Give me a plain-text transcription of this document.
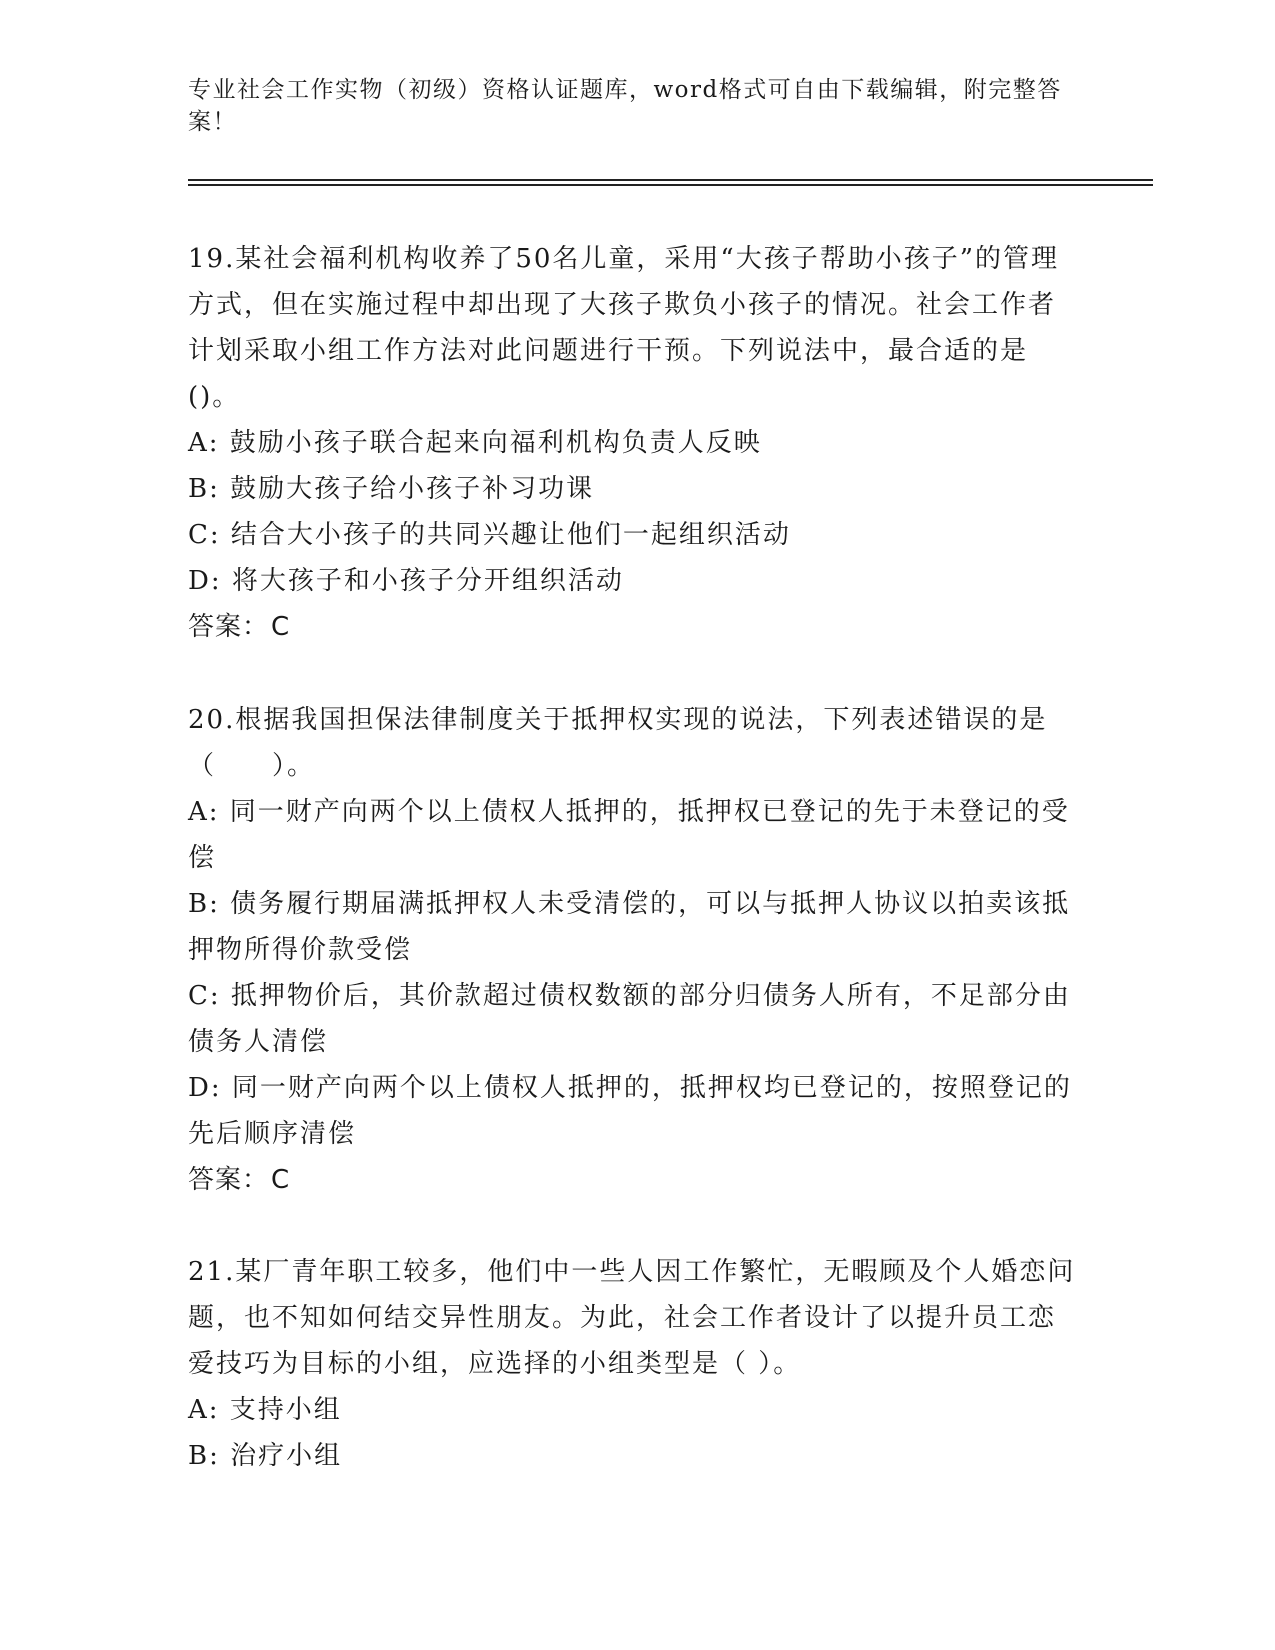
专业社会工作实物（初级）资格认证题库，word格式可自由下载编辑，附完整答案！
19.某社会福利机构收养了50名儿童，采用“大孩子帮助小孩子”的管理方式，但在实施过程中却出现了大孩子欺负小孩子的情况。社会工作者计划采取小组工作方法对此问题进行干预。下列说法中，最合适的是()。
A: 鼓励小孩子联合起来向福利机构负责人反映
B: 鼓励大孩子给小孩子补习功课
C: 结合大小孩子的共同兴趣让他们一起组织活动
D: 将大孩子和小孩子分开组织活动
答案：C
20.根据我国担保法律制度关于抵押权实现的说法，下列表述错误的是（　　）。
A: 同一财产向两个以上债权人抵押的，抵押权已登记的先于未登记的受偿
B: 债务履行期届满抵押权人未受清偿的，可以与抵押人协议以拍卖该抵押物所得价款受偿
C: 抵押物价后，其价款超过债权数额的部分归债务人所有，不足部分由债务人清偿
D: 同一财产向两个以上债权人抵押的，抵押权均已登记的，按照登记的先后顺序清偿
答案：C
21.某厂青年职工较多，他们中一些人因工作繁忙，无暇顾及个人婚恋问题，也不知如何结交异性朋友。为此，社会工作者设计了以提升员工恋爱技巧为目标的小组，应选择的小组类型是（ ）。
A: 支持小组
B: 治疗小组
